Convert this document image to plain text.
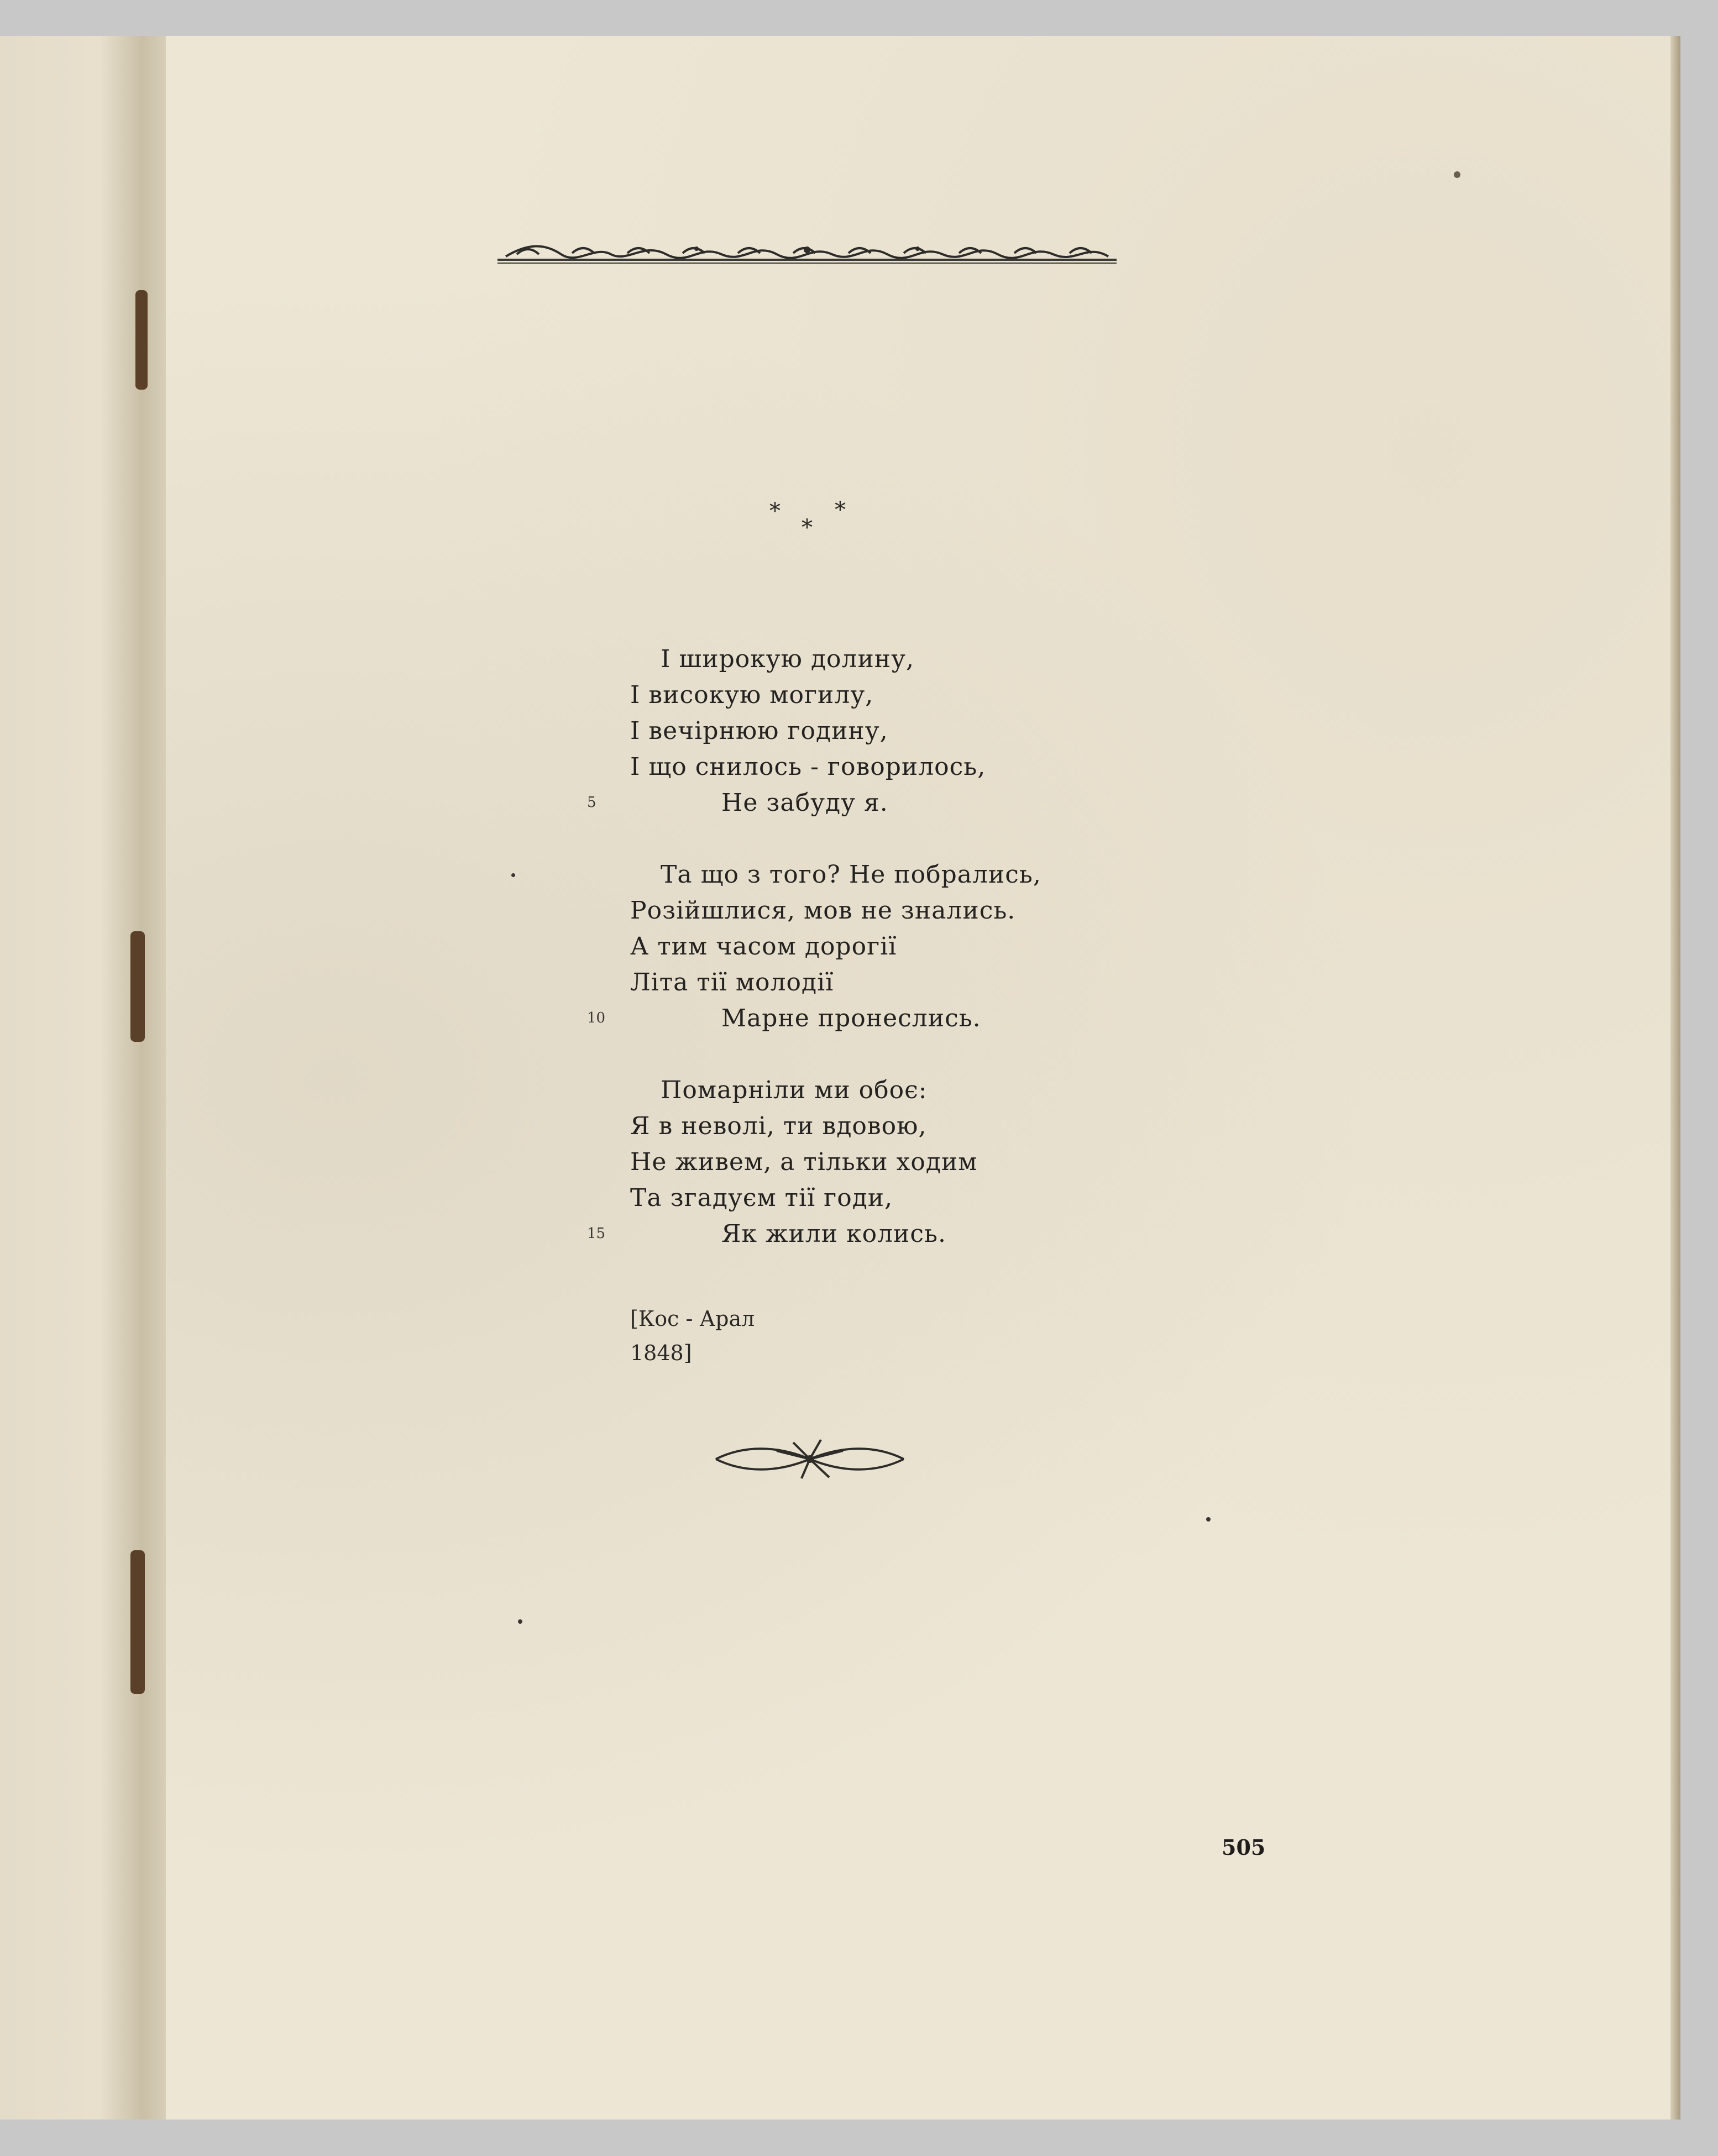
* *
*
І широкую долину,
І високую могилу,
І вечірнюю годину,
І що снилось - говорилось,
Не забуду я.
Та що з того? Не побрались,
Розійшлися, мов не знались.
А тим часом дорогії
Літа тії молодії
Марне пронеслись.
Помарніли ми обоє:
Я в неволі, ти вдовою,
Не живем, а тільки ходим
Та згадуєм тії годи,
Як жили колись.
5
10
15
[Кос - Арал
1848]
505
